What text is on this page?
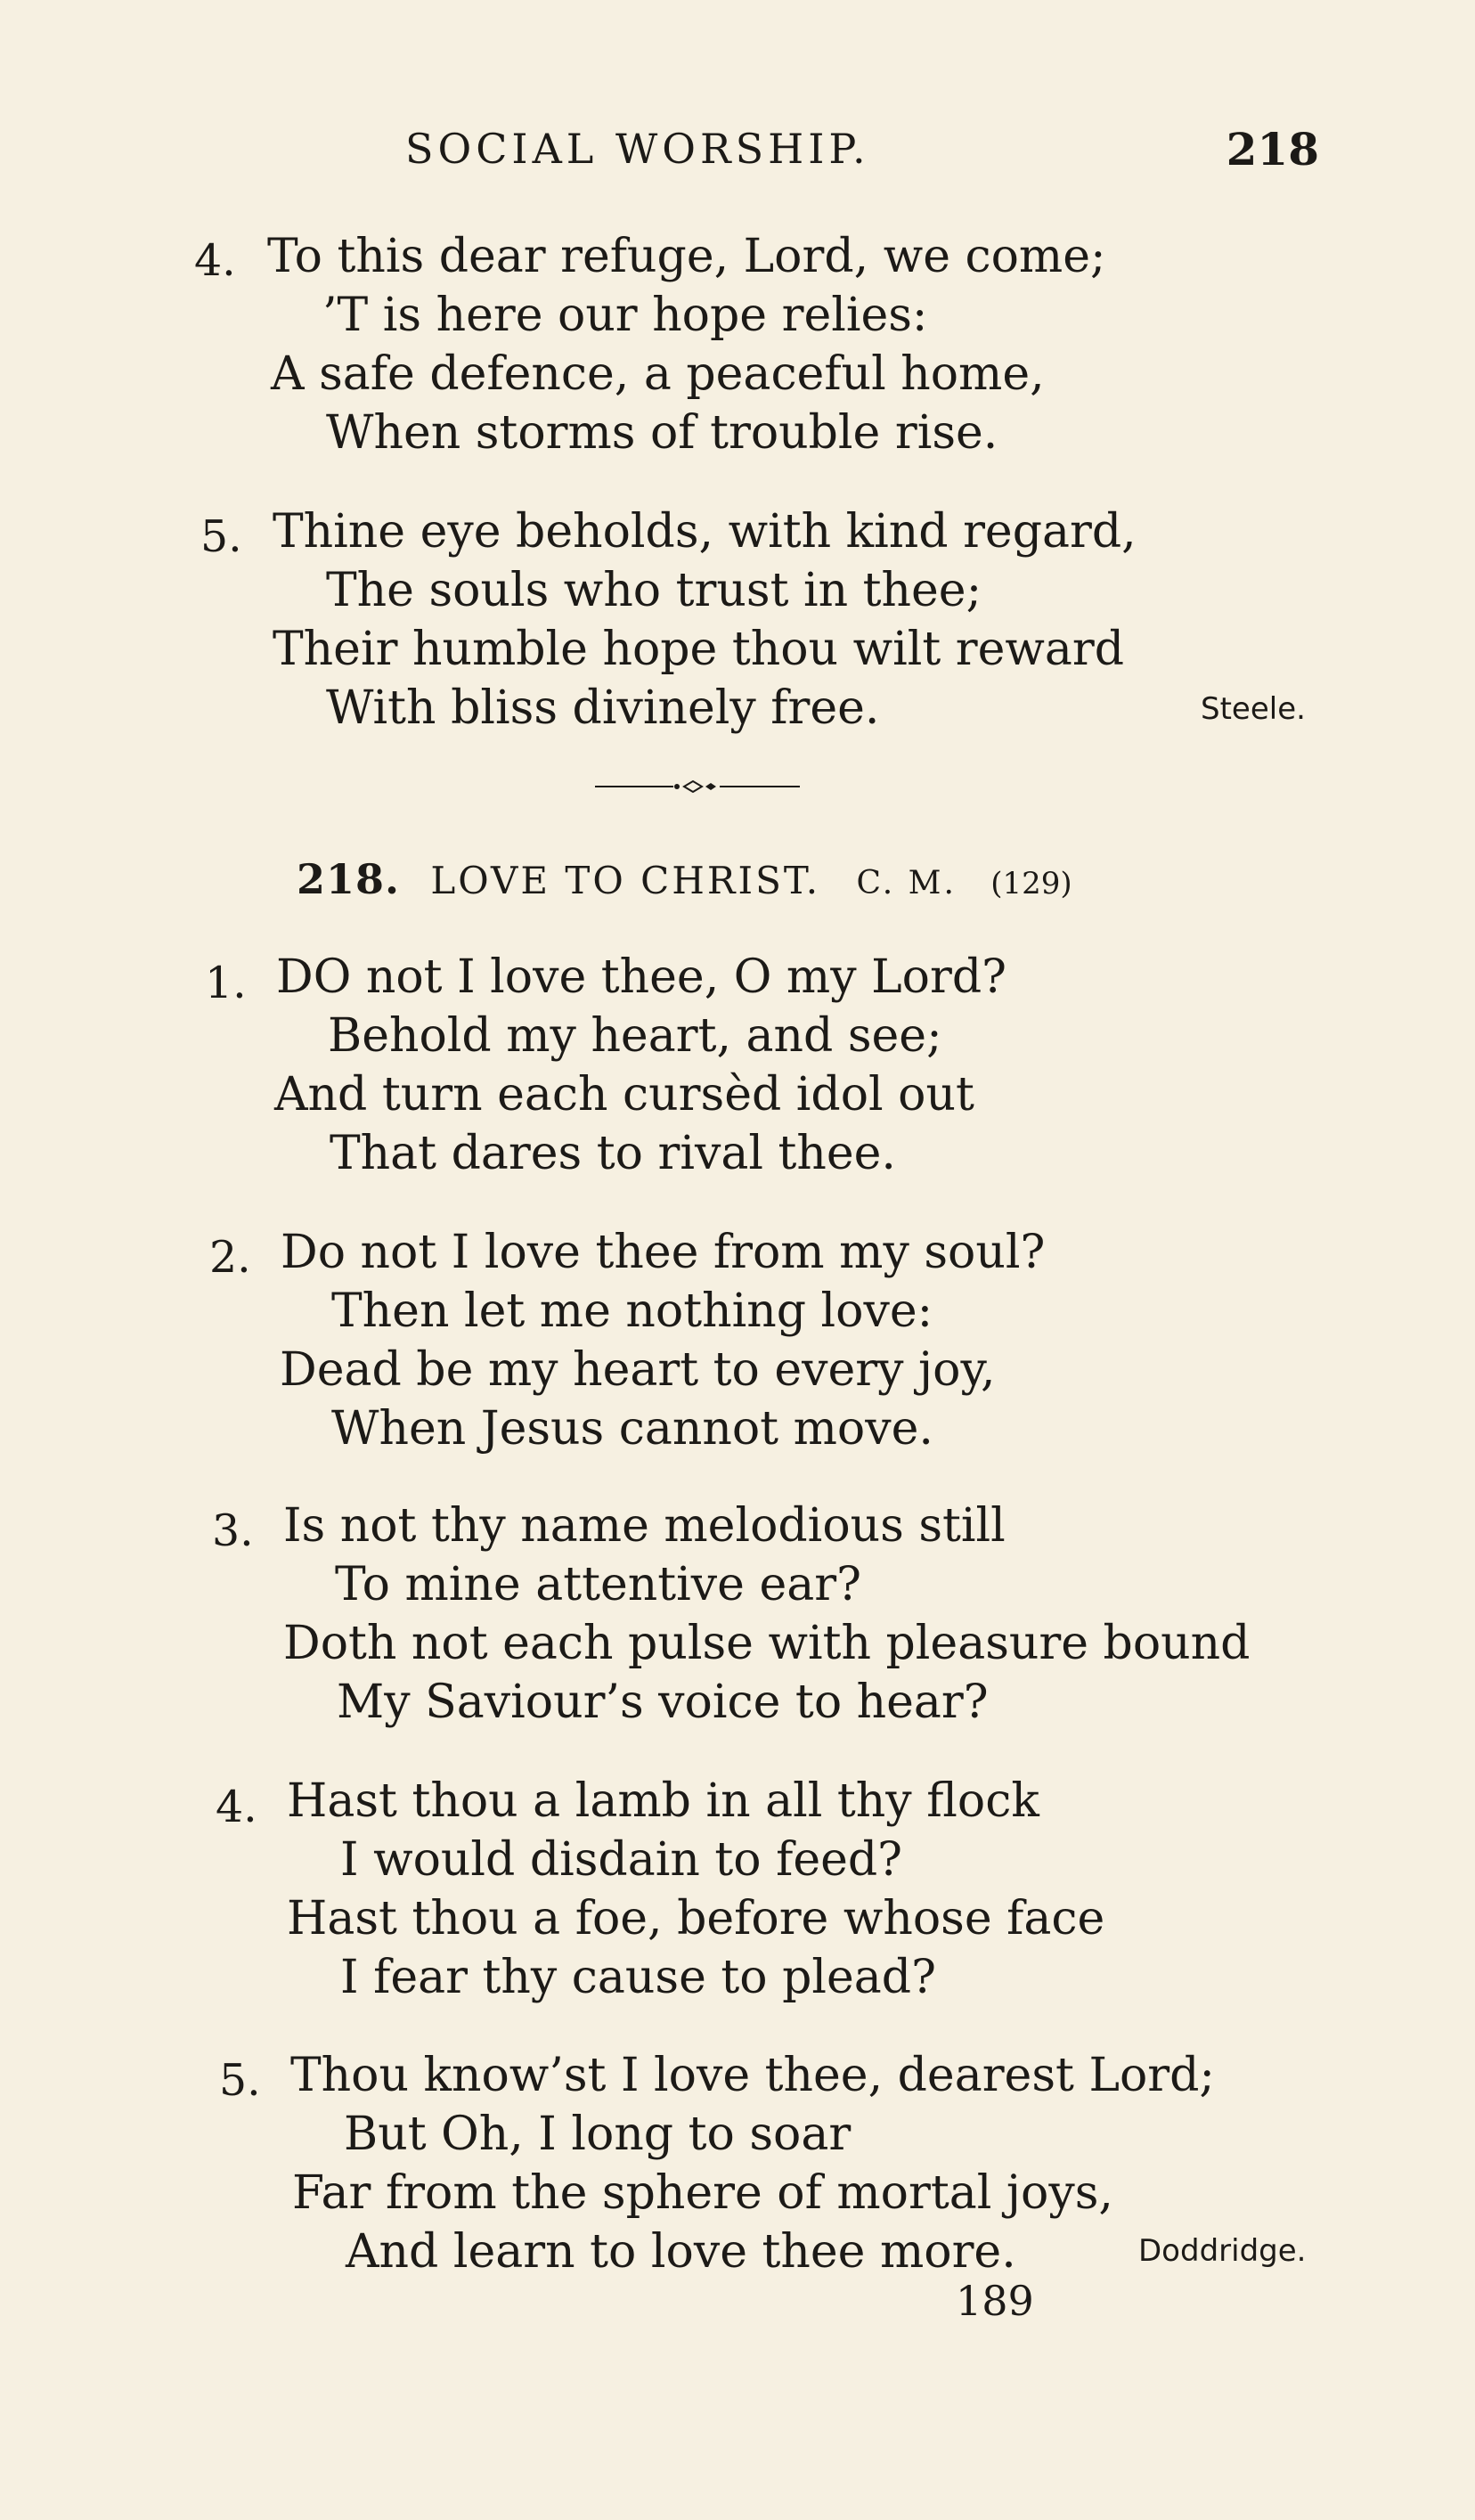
SOCIAL WORSHIP.	218
4. To this dear refuge, Lord, we come;
’T is here our hope relies:
A safe defence, a peaceful home,
When storms of trouble rise.
5. Thine eye beholds, with kind regard,
The souls who trust in thee;
Their humble hope thou wilt reward
With bliss divinely free.	Steele.
218. LOVE TO CHRIST. C. M. (129)
1. DO not I love thee, O my Lord?
Behold my heart, and see;
And turn each cursèd idol out
That dares to rival thee.
2. Do not I love thee from my soul?
Then let me nothing love:
Dead be my heart to every joy,
When Jesus cannot move.
3. Is not thy name melodious still
To mine attentive ear?
Doth not each pulse with pleasure bound
My Saviour’s voice to hear?
4. Hast thou a lamb in all thy flock
I would disdain to feed?
Hast thou a foe, before whose face
I fear thy cause to plead?
5. Thou know’st I love thee, dearest Lord;
But Oh, I long to soar
Far from the sphere of mortal joys,
And learn to love thee more.	Doddridge.
189
